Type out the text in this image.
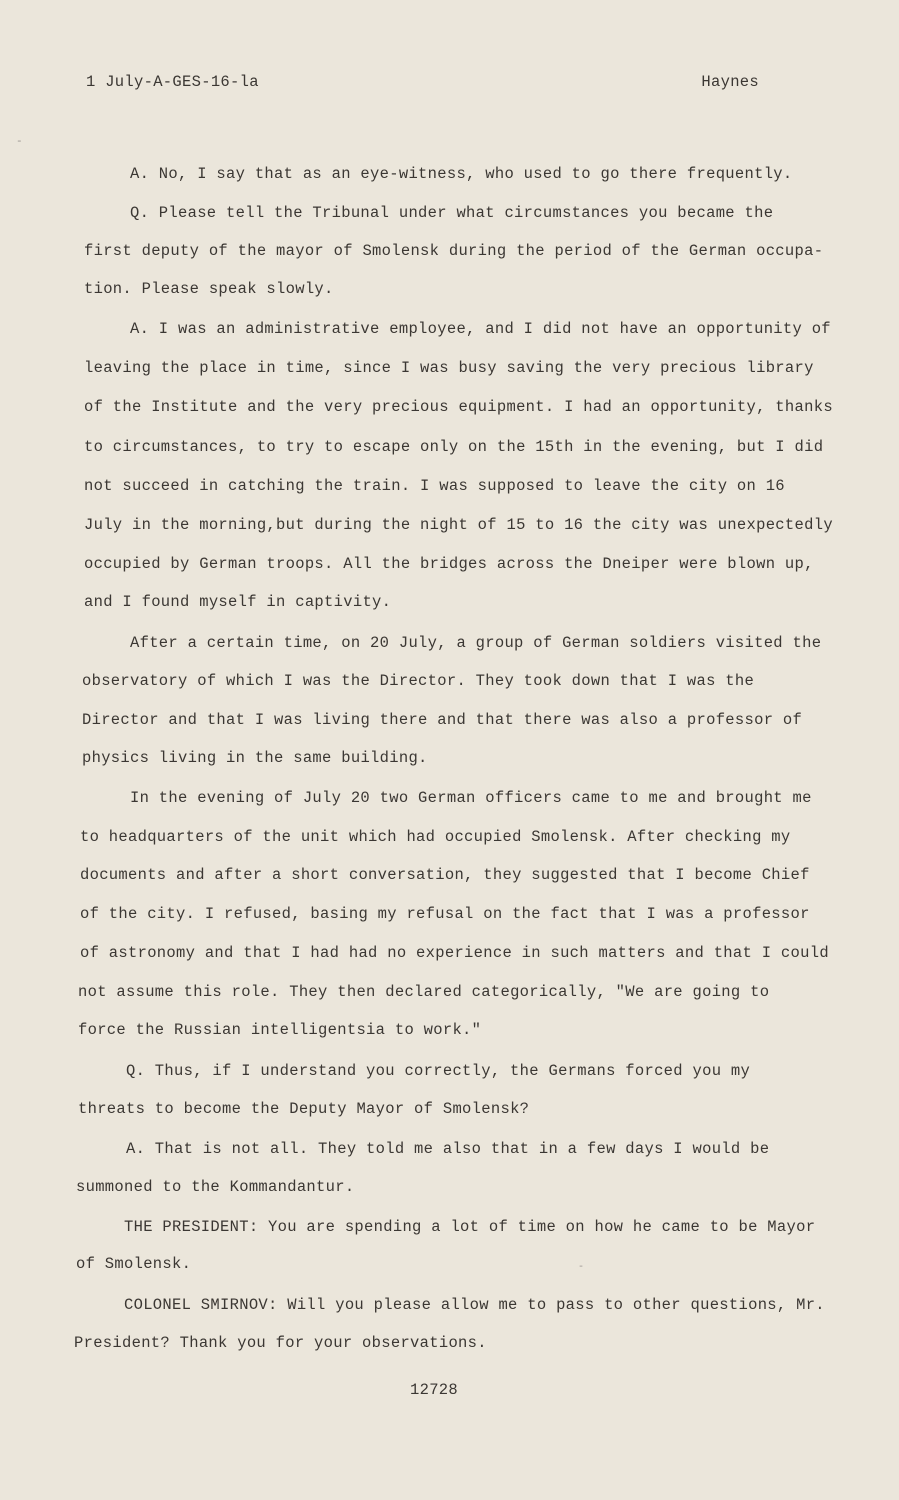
1 July-A-GES-16-la	Haynes
-
A. No, I say that as an eye-witness, who used to go there frequently.
Q. Please tell the Tribunal under what circumstances you became the
first deputy of the mayor of Smolensk during the period of the German occupa-
tion. Please speak slowly.
A. I was an administrative employee, and I did not have an opportunity of
leaving the place in time, since I was busy saving the very precious library
of the Institute and the very precious equipment. I had an opportunity, thanks
to circumstances, to try to escape only on the 15th in the evening, but I did
not succeed in catching the train. I was supposed to leave the city on 16
July in the morning,but during the night of 15 to 16 the city was unexpectedly
occupied by German troops. All the bridges across the Dneiper were blown up,
and I found myself in captivity.
After a certain time, on 20 July, a group of German soldiers visited the
observatory of which I was the Director. They took down that I was the
Director and that I was living there and that there was also a professor of
physics living in the same building.
In the evening of July 20 two German officers came to me and brought me
to headquarters of the unit which had occupied Smolensk. After checking my
documents and after a short conversation, they suggested that I become Chief
of the city. I refused, basing my refusal on the fact that I was a professor
of astronomy and that I had had no experience in such matters and that I could
not assume this role. They then declared categorically, "We are going to
force the Russian intelligentsia to work."
Q. Thus, if I understand you correctly, the Germans forced you my
threats to become the Deputy Mayor of Smolensk?
A. That is not all. They told me also that in a few days I would be
summoned to the Kommandantur.
THE PRESIDENT: You are spending a lot of time on how he came to be Mayor
of Smolensk.
COLONEL SMIRNOV: Will you please allow me to pass to other questions, Mr.
President? Thank you for your observations.
-
12728
